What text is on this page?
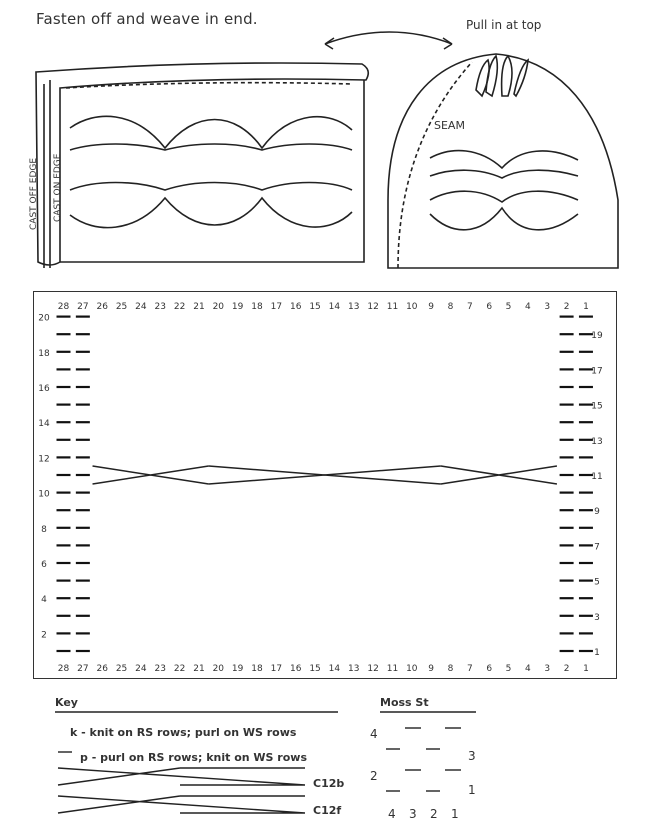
Fasten off and weave in end.	Pull in at top
CAST OFF EDGE CAST ON EDGE
SEAM
28
28
27
27
26
26
25
25
24
24
23
23
22
22
21
21
20
20
19
19
18
18
17
17
16
16
15
15
14
14
13
13
12
12
11
11
10
10
9
9
8
8
7
7
6
6
5
5
4
4
3
3
2
2
1
1
20
18
16
14
12
10
8
6
4
2
19
17
15
13
11
9
7
5
3
1
4
2
3
1
4 3 2 1
Key	Moss St
k - knit on RS rows; purl on WS rows
p - purl on RS rows; knit on WS rows
C12b
C12f
